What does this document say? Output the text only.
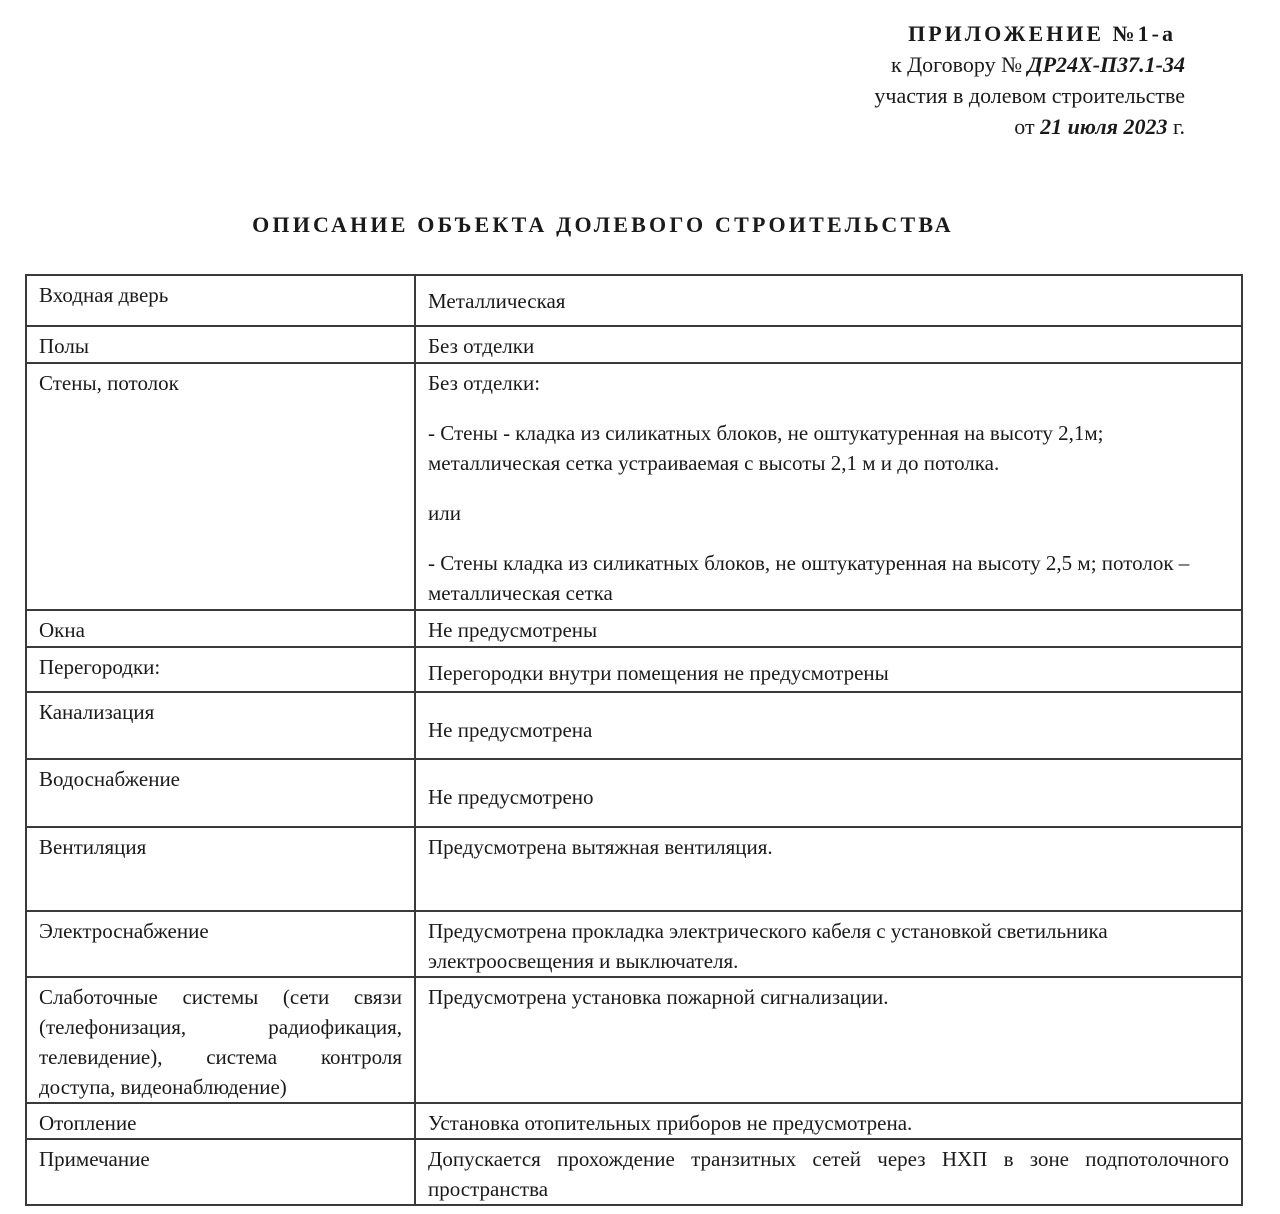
ПРИЛОЖЕНИЕ №1-а
к Договору № ДР24Х-П37.1-34
участия в долевом строительстве
от 21 июля 2023 г.
ОПИСАНИЕ ОБЪЕКТА ДОЛЕВОГО СТРОИТЕЛЬСТВА
Входная дверь	Металлическая
Полы	Без отделки
Стены, потолок	Без отделки:

- Стены - кладка из силикатных блоков, не оштукатуренная на высоту 2,1м; металлическая сетка устраиваемая с высоты 2,1 м и до потолка.

или

- Стены кладка из силикатных блоков, не оштукатуренная на высоту 2,5 м; потолок – металлическая сетка

Окна	Не предусмотрены
Перегородки:	Перегородки внутри помещения не предусмотрены
Канализация	Не предусмотрена
Водоснабжение	Не предусмотрено
Вентиляция	Предусмотрена вытяжная вентиляция.
Электроснабжение	Предусмотрена прокладка электрического кабеля с установкой светильника электроосвещения и выключателя.
Слаботочные системы (сети связи (телефонизация, радиофикация, телевидение), система контроля доступа, видеонаблюдение)	Предусмотрена установка пожарной сигнализации.
Отопление	Установка отопительных приборов не предусмотрена.
Примечание	Допускается прохождение транзитных сетей через НХП в зоне подпотолочного пространства
